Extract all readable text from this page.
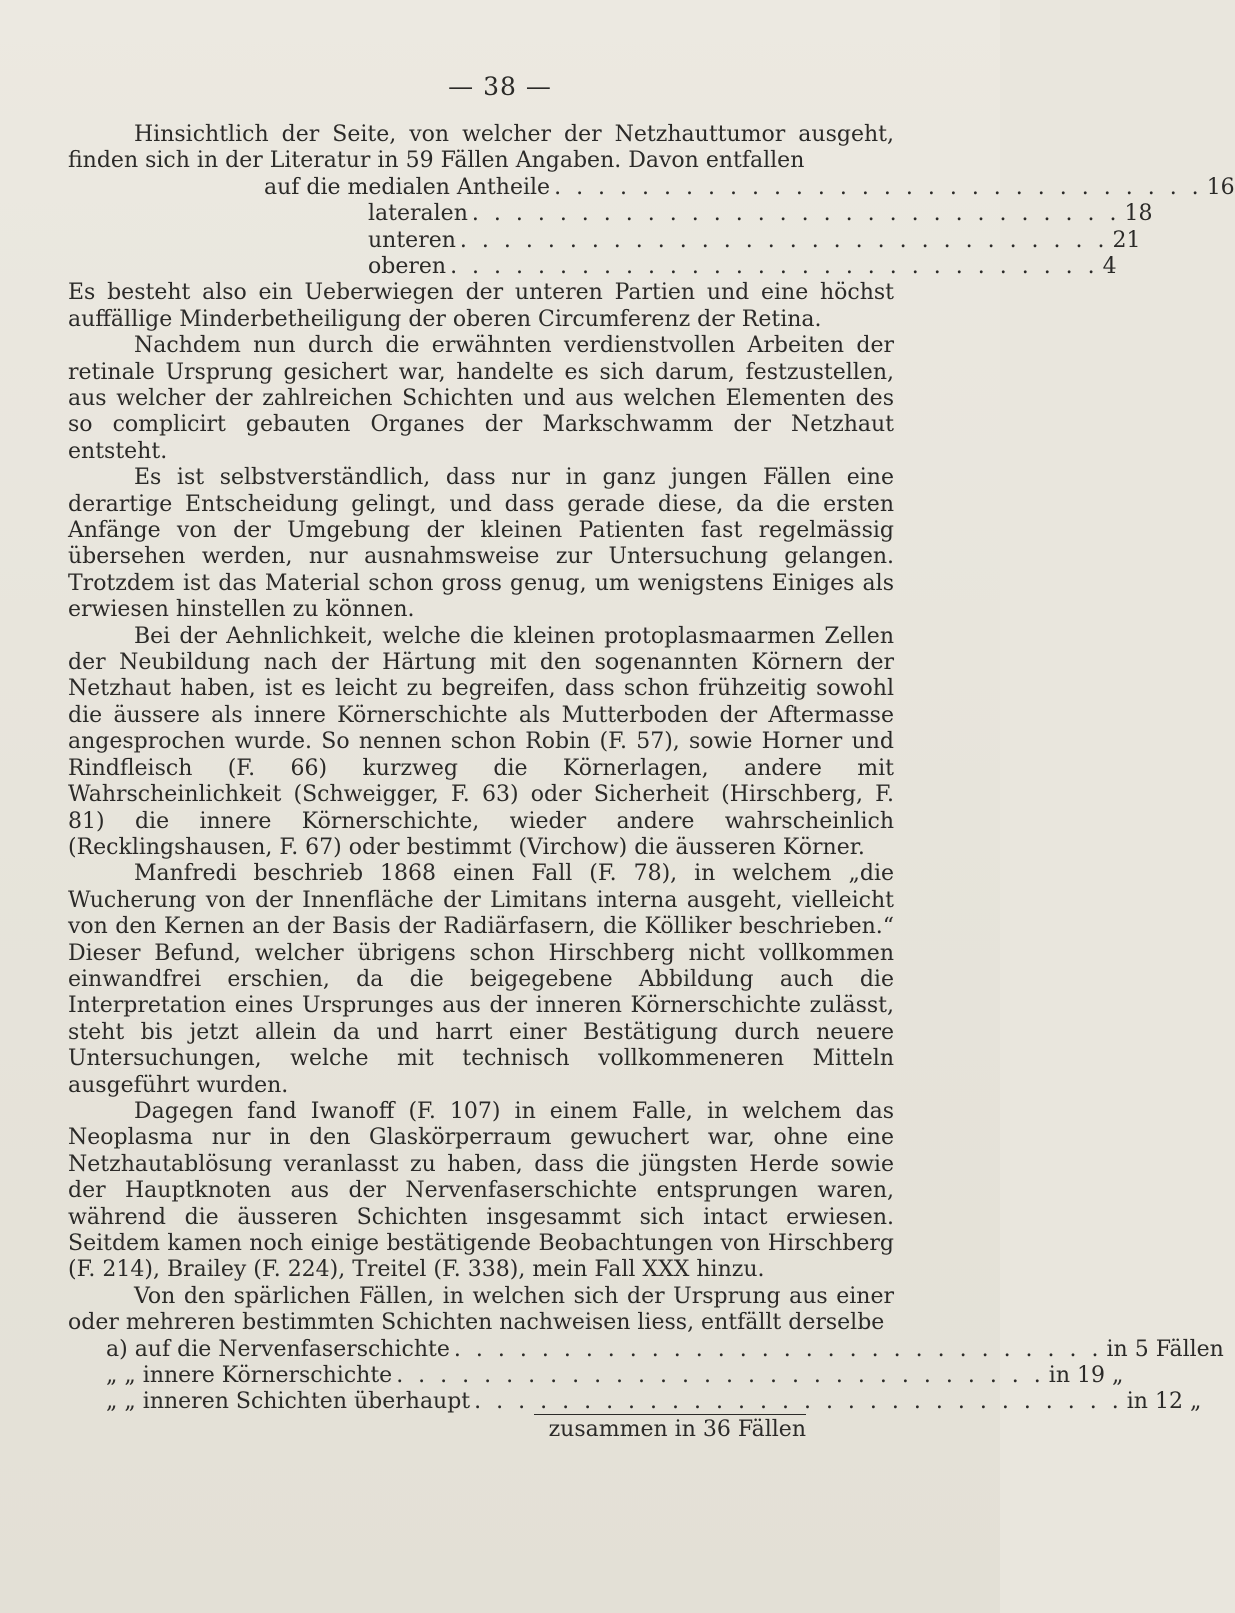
— 38 —

Hinsichtlich der Seite, von welcher der Netzhauttumor ausgeht, finden sich in der Literatur in 59 Fällen Angaben. Davon entfallen

auf die medialen Antheile . . . . . . . . . . . . . . . . . . . . . . . . . . . . . . 16
lateralen . . . . . . . . . . . . . . . . . . . . . . . . . . . . . . 18
unteren . . . . . . . . . . . . . . . . . . . . . . . . . . . . . . 21
oberen . . . . . . . . . . . . . . . . . . . . . . . . . . . . . . 4

Es besteht also ein Ueberwiegen der unteren Partien und eine höchst auffällige Minderbetheiligung der oberen Circumferenz der Retina.

Nachdem nun durch die erwähnten verdienstvollen Arbeiten der retinale Ursprung gesichert war, handelte es sich darum, festzustellen, aus welcher der zahlreichen Schichten und aus welchen Elementen des so complicirt gebauten Organes der Markschwamm der Netzhaut entsteht.

Es ist selbstverständlich, dass nur in ganz jungen Fällen eine derartige Entscheidung gelingt, und dass gerade diese, da die ersten Anfänge von der Umgebung der kleinen Patienten fast regelmässig übersehen werden, nur ausnahmsweise zur Untersuchung gelangen. Trotzdem ist das Material schon gross genug, um wenigstens Einiges als erwiesen hinstellen zu können.

Bei der Aehnlichkeit, welche die kleinen protoplasmaarmen Zellen der Neubildung nach der Härtung mit den sogenannten Körnern der Netzhaut haben, ist es leicht zu begreifen, dass schon frühzeitig sowohl die äussere als innere Körnerschichte als Mutterboden der Aftermasse angesprochen wurde. So nennen schon Robin (F. 57), sowie Horner und Rindfleisch (F. 66) kurzweg die Körnerlagen, andere mit Wahrscheinlichkeit (Schweigger, F. 63) oder Sicherheit (Hirschberg, F. 81) die innere Körnerschichte, wieder andere wahrscheinlich (Recklingshausen, F. 67) oder bestimmt (Virchow) die äusseren Körner.

Manfredi beschrieb 1868 einen Fall (F. 78), in welchem „die Wucherung von der Innenfläche der Limitans interna ausgeht, vielleicht von den Kernen an der Basis der Radiärfasern, die Kölliker beschrieben.“ Dieser Befund, welcher übrigens schon Hirschberg nicht vollkommen einwandfrei erschien, da die beigegebene Abbildung auch die Interpretation eines Ursprunges aus der inneren Körnerschichte zulässt, steht bis jetzt allein da und harrt einer Bestätigung durch neuere Untersuchungen, welche mit technisch vollkommeneren Mitteln ausgeführt wurden.

Dagegen fand Iwanoff (F. 107) in einem Falle, in welchem das Neoplasma nur in den Glaskörperraum gewuchert war, ohne eine Netzhautablösung veranlasst zu haben, dass die jüngsten Herde sowie der Hauptknoten aus der Nervenfaserschichte entsprungen waren, während die äusseren Schichten insgesammt sich intact erwiesen. Seitdem kamen noch einige bestätigende Beobachtungen von Hirschberg (F. 214), Brailey (F. 224), Treitel (F. 338), mein Fall XXX hinzu.

Von den spärlichen Fällen, in welchen sich der Ursprung aus einer oder mehreren bestimmten Schichten nachweisen liess, entfällt derselbe

a) auf die Nervenfaserschichte . . . . . . . . . . . . . . . . . . . . . . . . . . . . . . in 5 Fällen
„ „ innere Körnerschichte . . . . . . . . . . . . . . . . . . . . . . . . . . . . . . in 19 „
„ „ inneren Schichten überhaupt . . . . . . . . . . . . . . . . . . . . . . . . . . . . . . in 12 „
zusammen in 36 Fällen
